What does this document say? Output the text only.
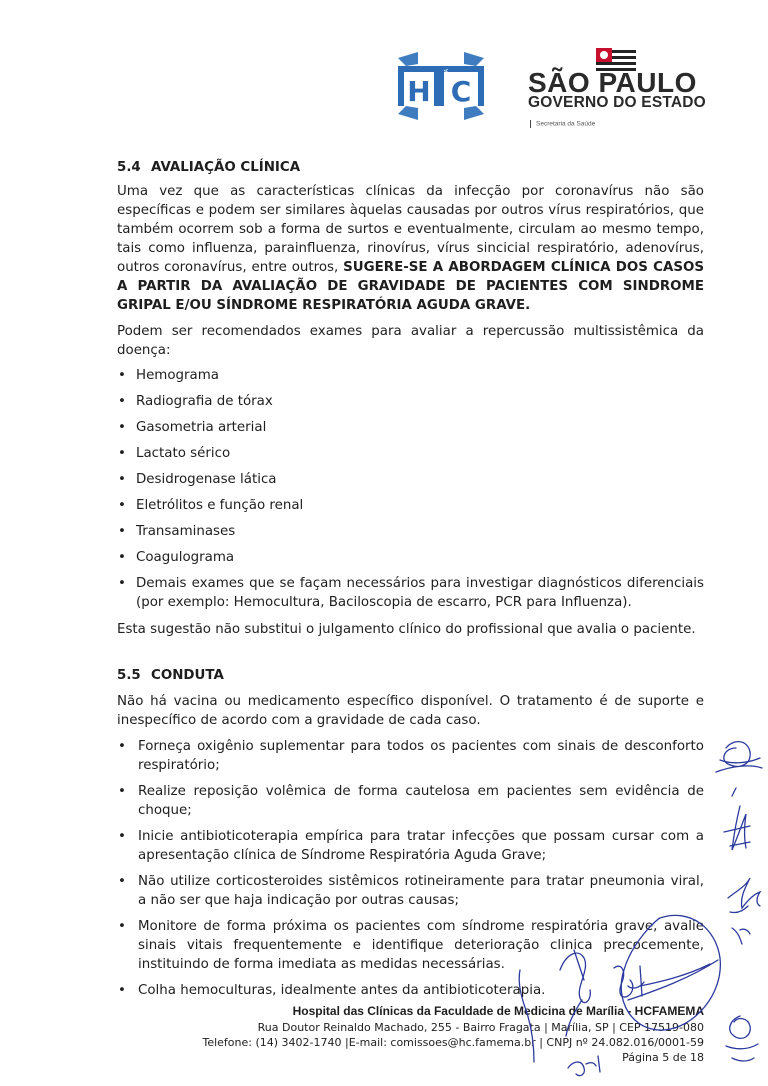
H C
FAMEMA	SÃO PAULO
GOVERNO DO ESTADO
Secretaria da Saúde
5.4 AVALIAÇÃO CLÍNICA

Uma vez que as características clínicas da infecção por coronavírus não são específicas e podem ser similares àquelas causadas por outros vírus respiratórios, que também ocorrem sob a forma de surtos e eventualmente, circulam ao mesmo tempo, tais como influenza, parainfluenza, rinovírus, vírus sincicial respiratório, adenovírus, outros coronavírus, entre outros, SUGERE-SE A ABORDAGEM CLÍNICA DOS CASOS A PARTIR DA AVALIAÇÃO DE GRAVIDADE DE PACIENTES COM SINDROME GRIPAL E/OU SÍNDROME RESPIRATÓRIA AGUDA GRAVE.

Podem ser recomendados exames para avaliar a repercussão multissistêmica da doença:

• Hemograma
• Radiografia de tórax
• Gasometria arterial
• Lactato sérico
• Desidrogenase lática
• Eletrólitos e função renal
• Transaminases
• Coagulograma
• Demais exames que se façam necessários para investigar diagnósticos diferenciais (por exemplo: Hemocultura, Baciloscopia de escarro, PCR para Influenza).

Esta sugestão não substitui o julgamento clínico do profissional que avalia o paciente.

5.5 CONDUTA

Não há vacina ou medicamento específico disponível. O tratamento é de suporte e inespecífico de acordo com a gravidade de cada caso.

• Forneça oxigênio suplementar para todos os pacientes com sinais de desconforto respiratório;
• Realize reposição volêmica de forma cautelosa em pacientes sem evidência de choque;
• Inicie antibioticoterapia empírica para tratar infecções que possam cursar com a apresentação clínica de Síndrome Respiratória Aguda Grave;
• Não utilize corticosteroides sistêmicos rotineiramente para tratar pneumonia viral, a não ser que haja indicação por outras causas;
• Monitore de forma próxima os pacientes com síndrome respiratória grave, avalie sinais vitais frequentemente e identifique deterioração clinica precocemente, instituindo de forma imediata as medidas necessárias.
• Colha hemoculturas, idealmente antes da antibioticoterapia.
Hospital das Clínicas da Faculdade de Medicina de Marília - HCFAMEMA
Rua Doutor Reinaldo Machado, 255 - Bairro Fragata | Marília, SP | CEP 17519-080
Telefone: (14) 3402-1740 |E-mail: comissoes@hc.famema.br | CNPJ nº 24.082.016/0001-59
Página 5 de 18
